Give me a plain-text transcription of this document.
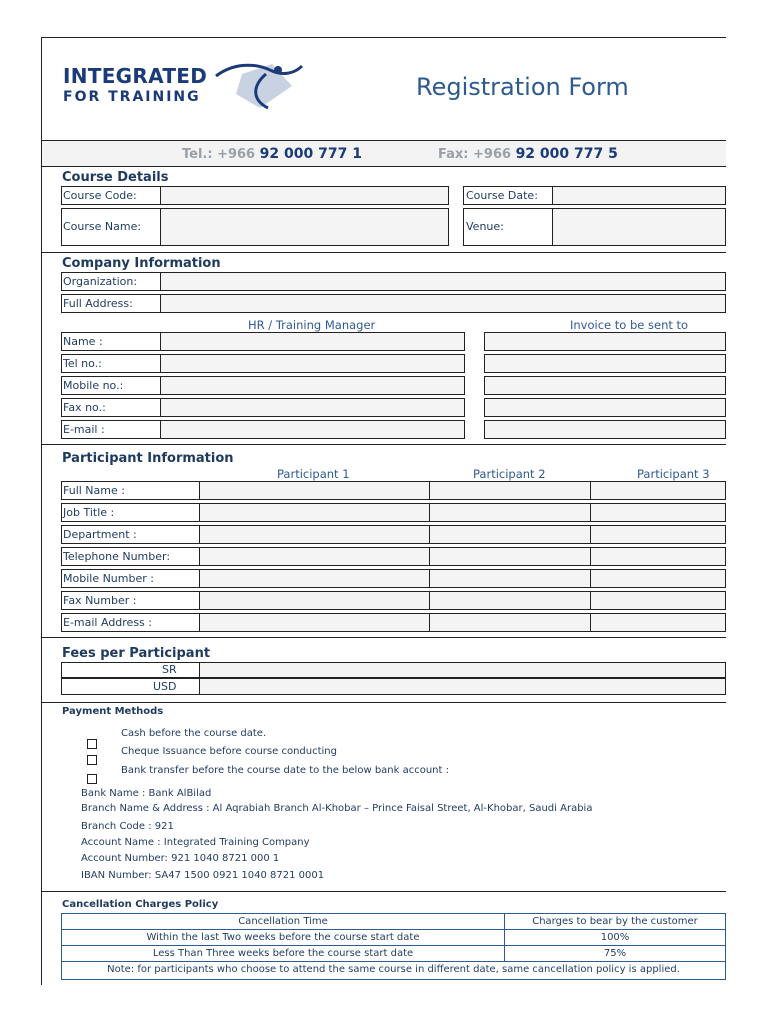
INTEGRATED
FOR TRAINING	Registration Form
Tel.: +966 92 000 777 1	Fax: +966 92 000 777 5
Course Details
Course Code:	Course Date:
Course Name:	Venue:
Company Information
Organization:
Full Address:
HR / Training Manager	Invoice to be sent to
Name :
Tel no.:
Mobile no.:
Fax no.:
E-mail :
Participant Information
Participant 1	Participant 2	Participant 3
Full Name :
Job Title :
Department :
Telephone Number:
Mobile Number :
Fax Number :
E-mail Address :
Fees per Participant
SR
USD
Payment Methods
Cash before the course date.
Cheque Issuance before course conducting
Bank transfer before the course date to the below bank account :
Bank Name : Bank AlBilad
Branch Name & Address : Al Aqrabiah Branch Al-Khobar – Prince Faisal Street, Al-Khobar, Saudi Arabia
Branch Code : 921
Account Name : Integrated Training Company
Account Number: 921 1040 8721 000 1
IBAN Number: SA47 1500 0921 1040 8721 0001
Cancellation Charges Policy
Cancellation Time	Charges to bear by the customer
Within the last Two weeks before the course start date	100%
Less Than Three weeks before the course start date	75%
Note: for participants who choose to attend the same course in different date, same cancellation policy is applied.
